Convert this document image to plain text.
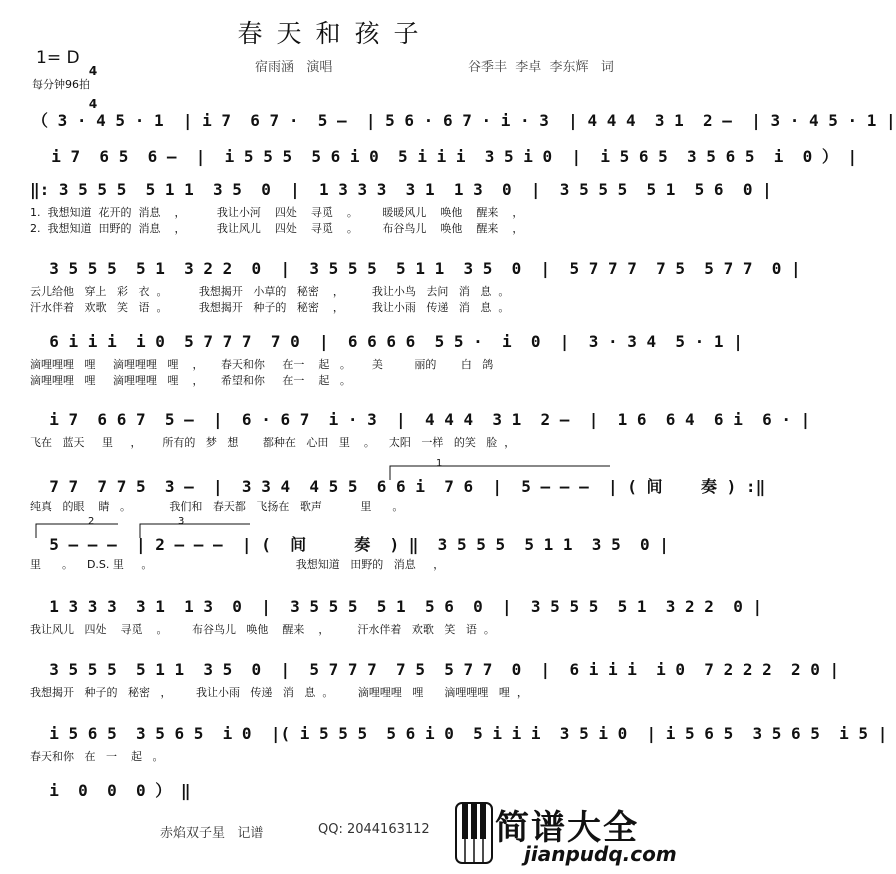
春天和孩子
1= D

4

4

每分钟96拍
宿雨涵   演唱	谷季丰  李卓  李东辉   词
（ 3 · 4 5 · 1  | i 7  6 7 ·  5 –  | 5 6 · 6 7 · i · 3  | 4 4 4  3 1  2 –  | 3 · 4 5 · 1 |
i 7  6 5  6 –  |  i 5 5 5  5 6 i 0  5 i i i  3 5 i 0  |  i 5 6 5  3 5 6 5  i  0 ） |
‖: 3 5 5 5  5 1 1  3 5  0  |  1 3 3 3  3 1  1 3  0  |  3 5 5 5  5 1  5 6  0 |
1.  我想知道  花开的  消息    ，         我让小河    四处    寻觅    。       暖暖风儿    唤他    醒来    ，
2.  我想知道  田野的  消息    ，         我让风儿    四处    寻觅    。       布谷鸟儿    唤他    醒来    ，
3 5 5 5  5 1  3 2 2  0  |  3 5 5 5  5 1 1  3 5  0  |  5 7 7 7  7 5  5 7 7  0 |
云儿给他   穿上   彩   衣  。         我想揭开   小草的   秘密    ，        我让小鸟   去问   消   息  。
汗水伴着   欢歌   笑   语  。         我想揭开   种子的   秘密    ，        我让小雨   传递   消   息  。
6 i i i  i 0  5 7 7 7  7 0  |  6 6 6 6  5 5 ·  i  0  |  3 · 3 4  5 · 1 |
滴哩哩哩   哩     滴哩哩哩   哩    ，     春天和你     在一    起   。      美         丽的       白   鸽
滴哩哩哩   哩     滴哩哩哩   哩    ，     希望和你     在一    起   。
i 7  6 6 7  5 –  |  6 · 6 7  i · 3  |  4 4 4  3 1  2 –  |  1 6  6 4  6 i  6 · |
飞在   蓝天     里     ，      所有的   梦   想       都种在   心田   里    。    太阳   一样   的笑   脸  ，
1
2	3
7 7  7 7 5  3 –  |  3 3 4  4 5 5  6 6 i  7 6  |  5 – – –  | ( 间    奏 ) :‖
纯真   的眼    睛   。           我们和   春天都   飞扬在   歌声           里      。
5 – – –  | 2 – – –  | (  间     奏  ) ‖  3 5 5 5  5 1 1  3 5  0 |
里      。    D.S. 里     。                                         我想知道   田野的   消息     ，
1 3 3 3  3 1  1 3  0  |  3 5 5 5  5 1  5 6  0  |  3 5 5 5  5 1  3 2 2  0 |
我让风儿   四处    寻觅    。       布谷鸟儿   唤他    醒来    ，        汗水伴着   欢歌   笑   语  。
3 5 5 5  5 1 1  3 5  0  |  5 7 7 7  7 5  5 7 7  0  |  6 i i i  i 0  7 2 2 2  2 0 |
我想揭开   种子的   秘密   ，       我让小雨   传递   消   息  。       滴哩哩哩   哩      滴哩哩哩   哩  ，
i 5 6 5  3 5 6 5  i 0  |( i 5 5 5  5 6 i 0  5 i i i  3 5 i 0  | i 5 6 5  3 5 6 5  i 5 |
春天和你   在   一    起   。
i  0  0  0 ） ‖
赤焰双子星   记谱	QQ: 2044163112 简谱大全
jianpudq.com
